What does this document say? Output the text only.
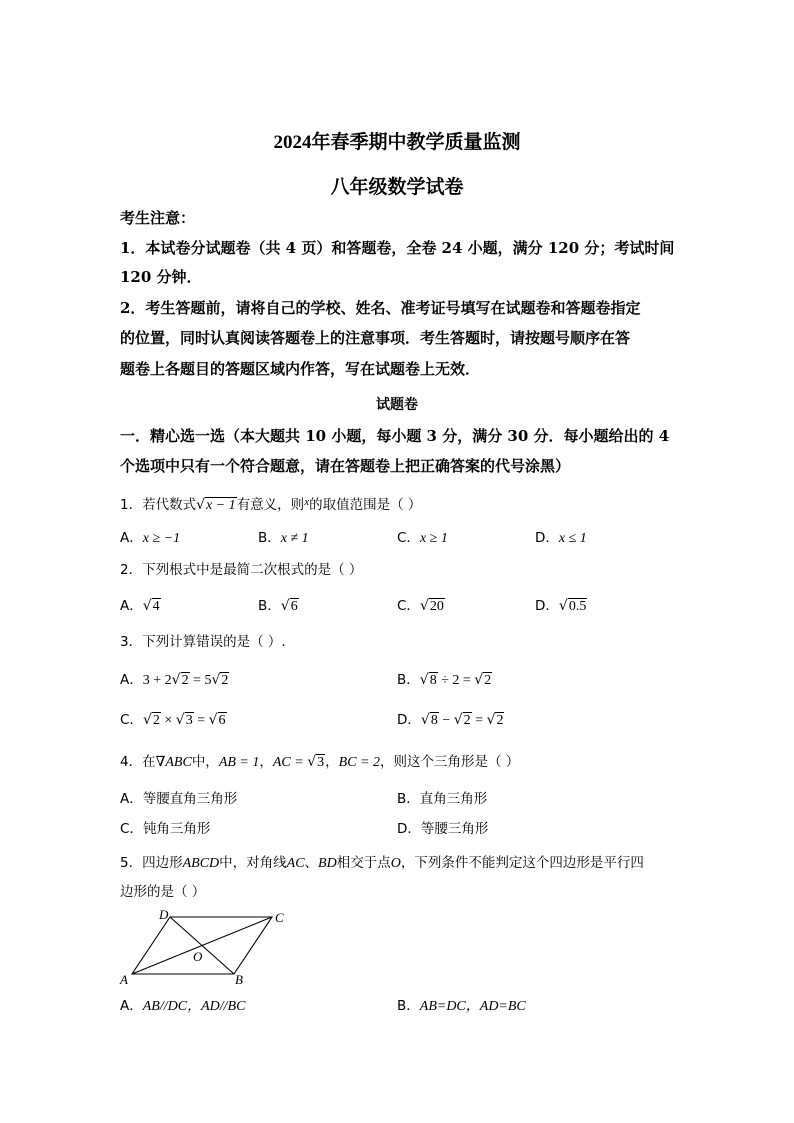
2024年春季期中教学质量监测
八年级数学试卷
考生注意：
1．本试卷分试题卷（共 4 页）和答题卷，全卷 24 小题，满分 120 分；考试时间
120 分钟．
2．考生答题前，请将自己的学校、姓名、准考证号填写在试题卷和答题卷指定
的位置，同时认真阅读答题卷上的注意事项．考生答题时，请按题号顺序在答
题卷上各题目的答题区域内作答，写在试题卷上无效．
试题卷
一．精心选一选（本大题共 10 小题，每小题 3 分，满分 30 分．每小题给出的 4
个选项中只有一个符合题意，请在答题卷上把正确答案的代号涂黑）
1．若代数式√x − 1有意义，则$^x$的取值范围是（ ）
A．x ≥ −1	B．x ≠ 1	C．x ≥ 1	D．x ≤ 1
2．下列根式中是最简二次根式的是（ ）
A．√4	B．√6	C．√20	D．√0.5
3．下列计算错误的是（ ）.
A．3 + 2√2 = 5√2	B．√8 ÷ 2 = √2
C．√2 × √3 = √6	D．√8 − √2 = √2
4．在∇ABC中，AB = 1，AC = √3，BC = 2，则这个三角形是（ ）
A．等腰直角三角形	B．直角三角形
C．钝角三角形	D．等腰三角形
5．四边形ABCD中，对角线AC、BD相交于点O，下列条件不能判定这个四边形是平行四
边形的是（ ）
A	B
C
D
O
A．AB//DC，AD//BC	B．AB=DC，AD=BC
